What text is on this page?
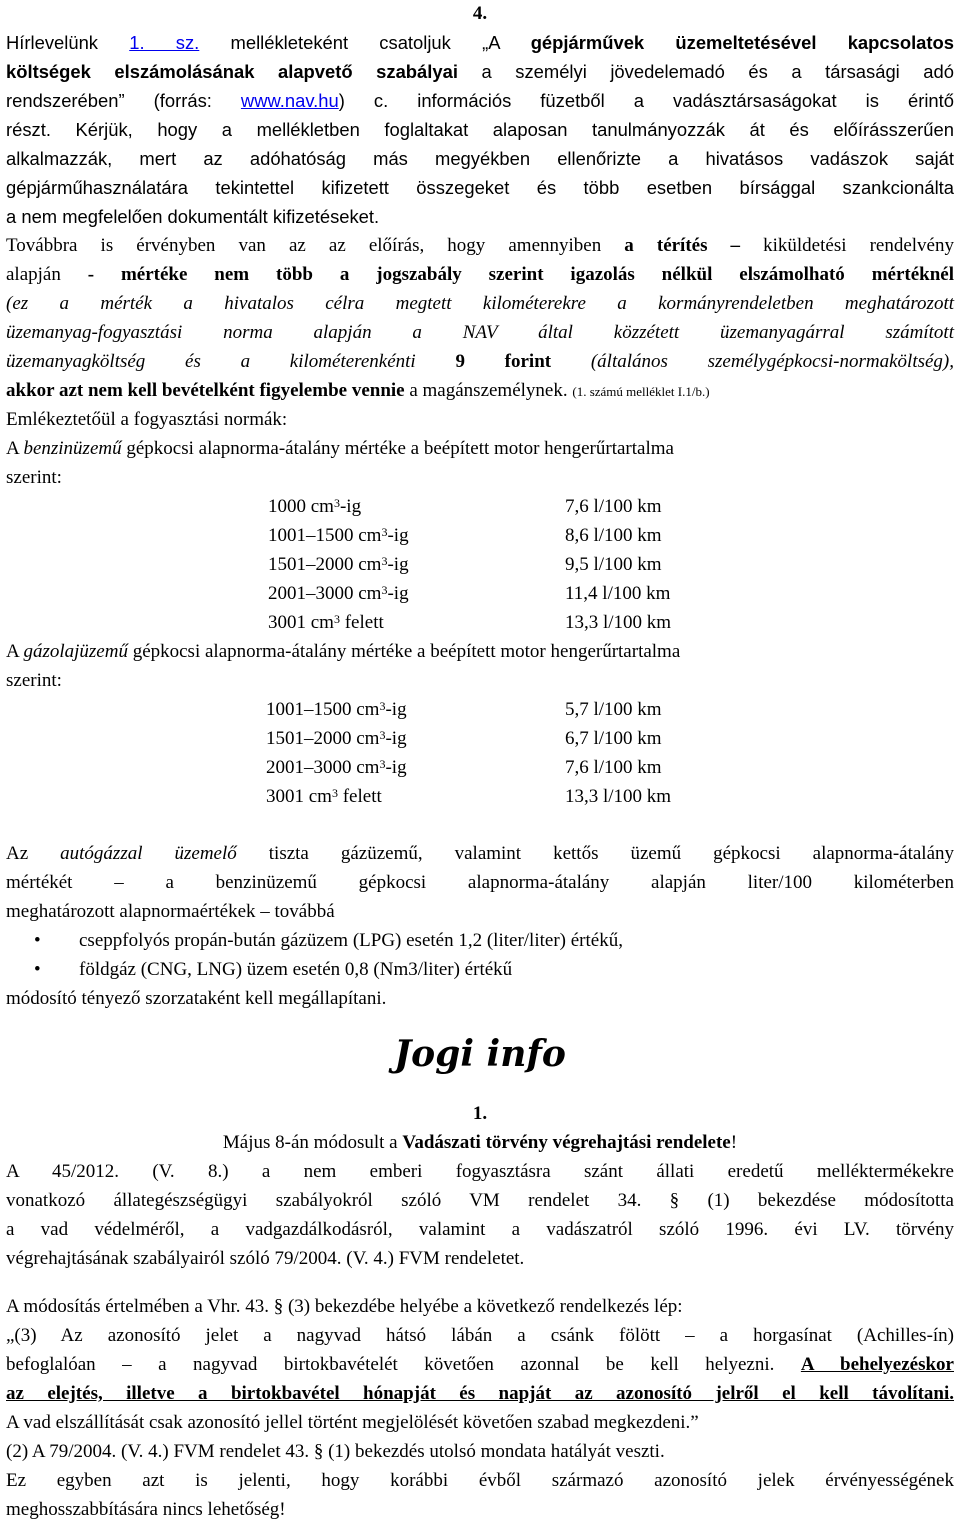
4.
Hírlevelünk 1. sz. mellékleteként csatoljuk „A gépjárművek üzemeltetésével kapcsolatos
költségek elszámolásának alapvető szabályai a személyi jövedelemadó és a társasági adó
rendszerében” (forrás: www.nav.hu) c. információs füzetből a vadásztársaságokat is érintő
részt. Kérjük, hogy a mellékletben foglaltakat alaposan tanulmányozzák át és előírásszerűen
alkalmazzák, mert az adóhatóság más megyékben ellenőrizte a hivatásos vadászok saját
gépjárműhasználatára tekintettel kifizetett összegeket és több esetben bírsággal szankcionálta
a nem megfelelően dokumentált kifizetéseket.
Továbbra is érvényben van az az előírás, hogy amennyiben a térítés – kiküldetési rendelvény
alapján - mértéke nem több a jogszabály szerint igazolás nélkül elszámolható mértéknél
(ez a mérték a hivatalos célra megtett kilométerekre a kormányrendeletben meghatározott
üzemanyag-fogyasztási norma alapján a NAV által közzétett üzemanyagárral számított
üzemanyagköltség és a kilométerenkénti 9 forint (általános személygépkocsi-normaköltség),
akkor azt nem kell bevételként figyelembe vennie a magánszemélynek. (1. számú melléklet I.1/b.)
Emlékeztetőül a fogyasztási normák:
A benzinüzemű gépkocsi alapnorma-átalány mértéke a beépített motor hengerűrtartalma
szerint:
1000 $cm^3-ig$	7,6 l/100 km
1001–1500 $cm^3-ig$	8,6 l/100 km
1501–2000 $cm^3-ig$	9,5 l/100 km
2001–3000 $cm^3-ig$	11,4 l/100 km
3001 $cm^3$ felett	13,3 l/100 km
A gázolajüzemű gépkocsi alapnorma-átalány mértéke a beépített motor hengerűrtartalma
szerint:
1001–1500 $cm^3-ig$	5,7 l/100 km
1501–2000 $cm^3-ig$	6,7 l/100 km
2001–3000 $cm^3-ig$	7,6 l/100 km
3001 $cm^3$ felett	13,3 l/100 km
Az autógázzal üzemelő tiszta gázüzemű, valamint kettős üzemű gépkocsi alapnorma-átalány
mértékét – a benzinüzemű gépkocsi alapnorma-átalány alapján liter/100 kilométerben
meghatározott alapnormaértékek – továbbá
• cseppfolyós propán-bután gázüzem (LPG) esetén 1,2 (liter/liter) értékű,
• földgáz (CNG, LNG) üzem esetén 0,8 (Nm3/liter) értékű
módosító tényező szorzataként kell megállapítani.
Jogi info
1.
Május 8-án módosult a Vadászati törvény végrehajtási rendelete!
A 45/2012. (V. 8.) a nem emberi fogyasztásra szánt állati eredetű melléktermékekre
vonatkozó állategészségügyi szabályokról szóló VM rendelet 34. § (1) bekezdése módosította
a vad védelméről, a vadgazdálkodásról, valamint a vadászatról szóló 1996. évi LV. törvény
végrehajtásának szabályairól szóló 79/2004. (V. 4.) FVM rendeletet.
A módosítás értelmében a Vhr. 43. § (3) bekezdébe helyébe a következő rendelkezés lép:
„(3) Az azonosító jelet a nagyvad hátsó lábán a csánk fölött – a horgasínat (Achilles-ín)
befoglalóan – a nagyvad birtokbavételét követően azonnal be kell helyezni. A behelyezéskor
az elejtés, illetve a birtokbavétel hónapját és napját az azonosító jelről el kell távolítani.
A vad elszállítását csak azonosító jellel történt megjelölését követően szabad megkezdeni.”
(2) A 79/2004. (V. 4.) FVM rendelet 43. § (1) bekezdés utolsó mondata hatályát veszti.
Ez egyben azt is jelenti, hogy korábbi évből származó azonosító jelek érvényességének
meghosszabbítására nincs lehetőség!
